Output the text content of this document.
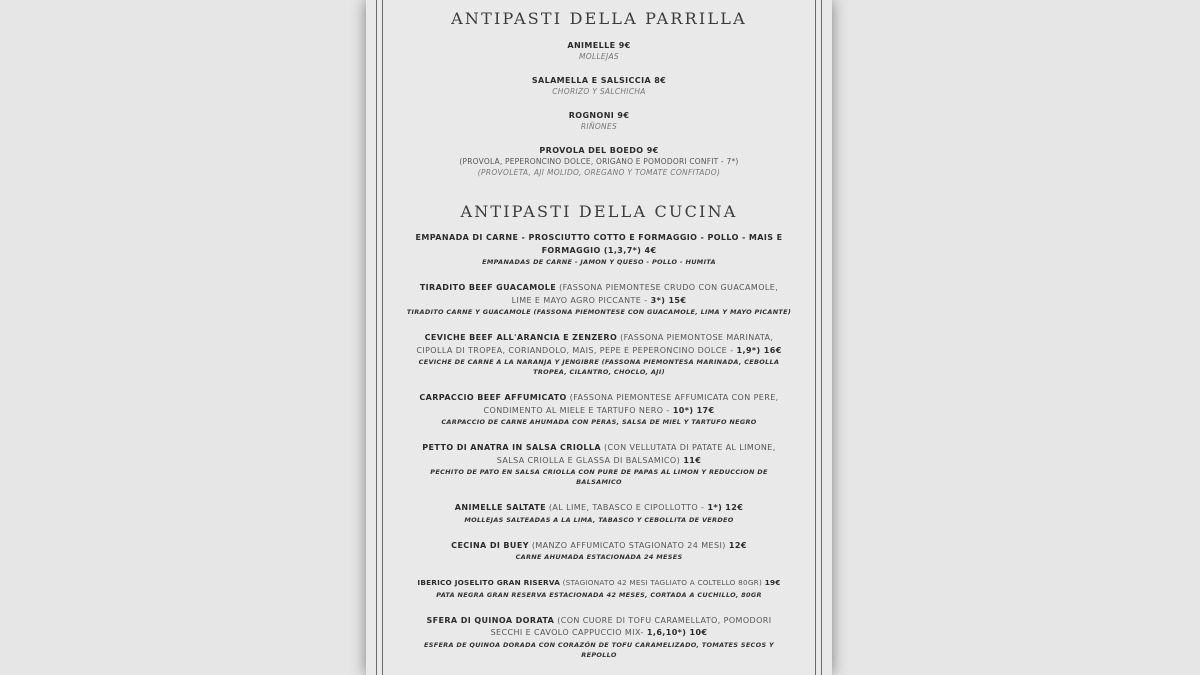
ANTIPASTI DELLA PARRILLA
ANIMELLE 9€
MOLLEJAS
SALAMELLA E SALSICCIA 8€
CHORIZO Y SALCHICHA
ROGNONI 9€
RIÑONES
PROVOLA DEL BOEDO 9€
(PROVOLA, PEPERONCINO DOLCE, ORIGANO E POMODORI CONFIT - 7*)
(PROVOLETA, AJI MOLIDO, OREGANO Y TOMATE CONFITADO)
ANTIPASTI DELLA CUCINA
EMPANADA DI CARNE - PROSCIUTTO COTTO E FORMAGGIO - POLLO - MAIS E
FORMAGGIO (1,3,7*) 4€
EMPANADAS DE CARNE - JAMON Y QUESO - POLLO - HUMITA
TIRADITO BEEF GUACAMOLE (FASSONA PIEMONTESE CRUDO CON GUACAMOLE,
LIME E MAYO AGRO PICCANTE - 3*) 15€
TIRADITO CARNE Y GUACAMOLE (FASSONA PIEMONTESE CON GUACAMOLE, LIMA Y MAYO PICANTE)
CEVICHE BEEF ALL'ARANCIA E ZENZERO (FASSONA PIEMONTOSE MARINATA,
CIPOLLA DI TROPEA, CORIANDOLO, MAIS, PEPE E PEPERONCINO DOLCE - 1,9*) 16€
CEVICHE DE CARNE A LA NARANJA Y JENGIBRE (FASSONA PIEMONTESA MARINADA, CEBOLLA
TROPEA, CILANTRO, CHOCLO, AJI)
CARPACCIO BEEF AFFUMICATO (FASSONA PIEMONTESE AFFUMICATA CON PERE,
CONDIMENTO AL MIELE E TARTUFO NERO - 10*) 17€
CARPACCIO DE CARNE AHUMADA CON PERAS, SALSA DE MIEL Y TARTUFO NEGRO
PETTO DI ANATRA IN SALSA CRIOLLA (CON VELLUTATA DI PATATE AL LIMONE,
SALSA CRIOLLA E GLASSA DI BALSAMICO) 11€
PECHITO DE PATO EN SALSA CRIOLLA CON PURE DE PAPAS AL LIMON Y REDUCCION DE
BALSAMICO
ANIMELLE SALTATE (AL LIME, TABASCO E CIPOLLOTTO - 1*) 12€
MOLLEJAS SALTEADAS A LA LIMA, TABASCO Y CEBOLLITA DE VERDEO
CECINA DI BUEY (MANZO AFFUMICATO STAGIONATO 24 MESI) 12€
CARNE AHUMADA ESTACIONADA 24 MESES
IBERICO JOSELITO GRAN RISERVA (STAGIONATO 42 MESI TAGLIATO A COLTELLO 80GR) 19€
PATA NEGRA GRAN RESERVA ESTACIONADA 42 MESES, CORTADA A CUCHILLO, 80GR
SFERA DI QUINOA DORATA (CON CUORE DI TOFU CARAMELLATO, POMODORI
SECCHI E CAVOLO CAPPUCCIO MIX- 1,6,10*) 10€
ESFERA DE QUINOA DORADA CON CORAZÓN DE TOFU CARAMELIZADO, TOMATES SECOS Y
REPOLLO
